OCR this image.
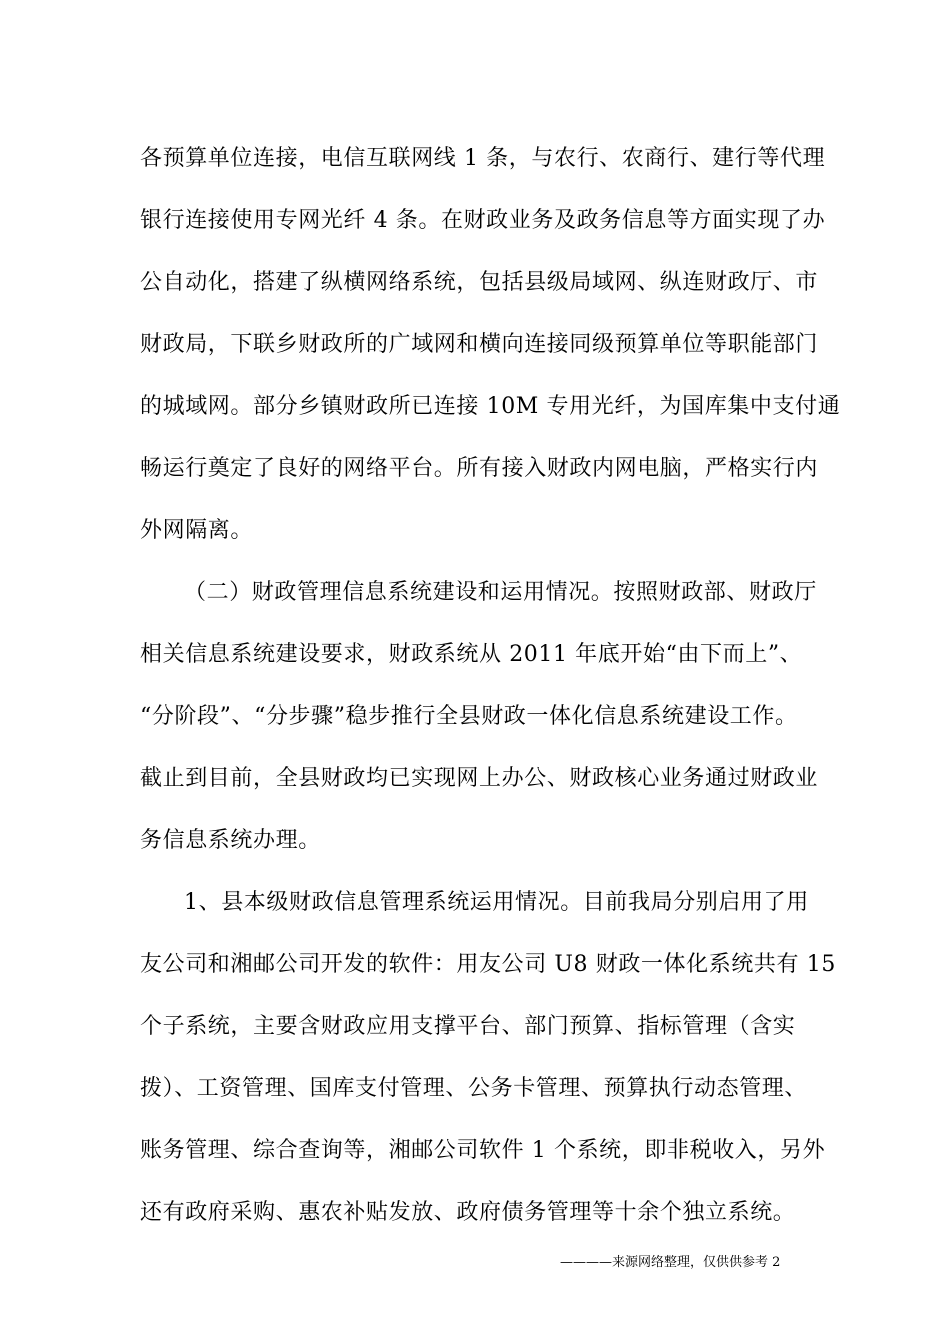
各预算单位连接，电信互联网线 1 条，与农行、农商行、建行等代理
银行连接使用专网光纤 4 条。在财政业务及政务信息等方面实现了办
公自动化，搭建了纵横网络系统，包括县级局域网、纵连财政厅、市
财政局，下联乡财政所的广域网和横向连接同级预算单位等职能部门
的城域网。部分乡镇财政所已连接 10M 专用光纤，为国库集中支付通
畅运行奠定了良好的网络平台。所有接入财政内网电脑，严格实行内
外网隔离。
（二）财政管理信息系统建设和运用情况。按照财政部、财政厅
相关信息系统建设要求，财政系统从 2011 年底开始“由下而上”、
“分阶段”、“分步骤”稳步推行全县财政一体化信息系统建设工作。
截止到目前，全县财政均已实现网上办公、财政核心业务通过财政业
务信息系统办理。
1、县本级财政信息管理系统运用情况。目前我局分别启用了用
友公司和湘邮公司开发的软件：用友公司 U8 财政一体化系统共有 15
个子系统，主要含财政应用支撑平台、部门预算、指标管理（含实
拨）、工资管理、国库支付管理、公务卡管理、预算执行动态管理、
账务管理、综合查询等，湘邮公司软件 1 个系统，即非税收入，另外
还有政府采购、惠农补贴发放、政府债务管理等十余个独立系统。
————来源网络整理，仅供供参考 2
